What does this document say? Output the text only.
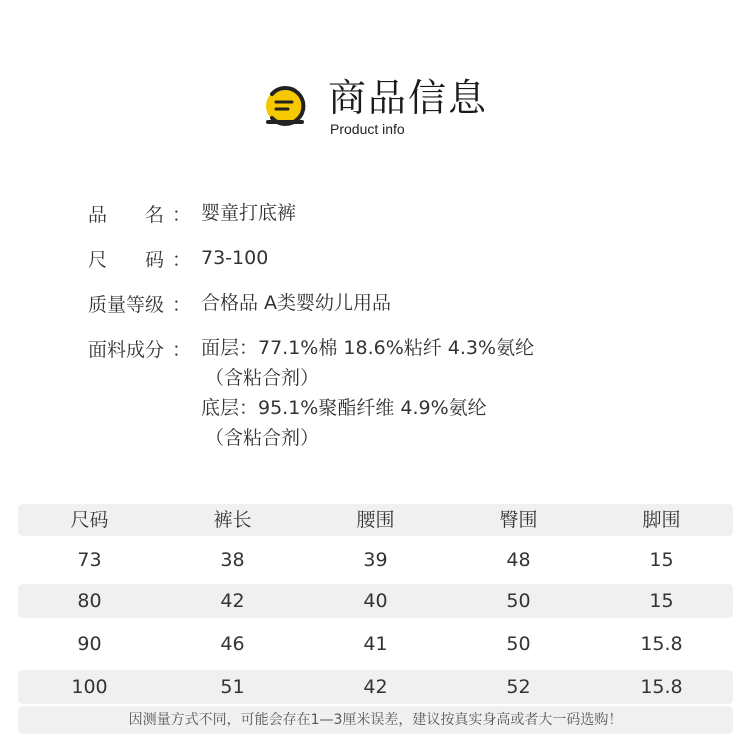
商品信息
Product info
品 名 ： 婴童打底裤
尺 码 ： 73-100
质量等级 ： 合格品 A类婴幼儿用品
面料成分 ： 面层：77.1%棉 18.6%粘纤 4.3%氨纶
（含粘合剂）
底层：95.1%聚酯纤维 4.9%氨纶
（含粘合剂）
尺码	裤长	腰围	臀围	脚围
73	38	39	48	15
80	42	40	50	15
90	46	41	50	15.8
100	51	42	52	15.8
因测量方式不同，可能会存在1—3厘米误差，建议按真实身高或者大一码选购！
